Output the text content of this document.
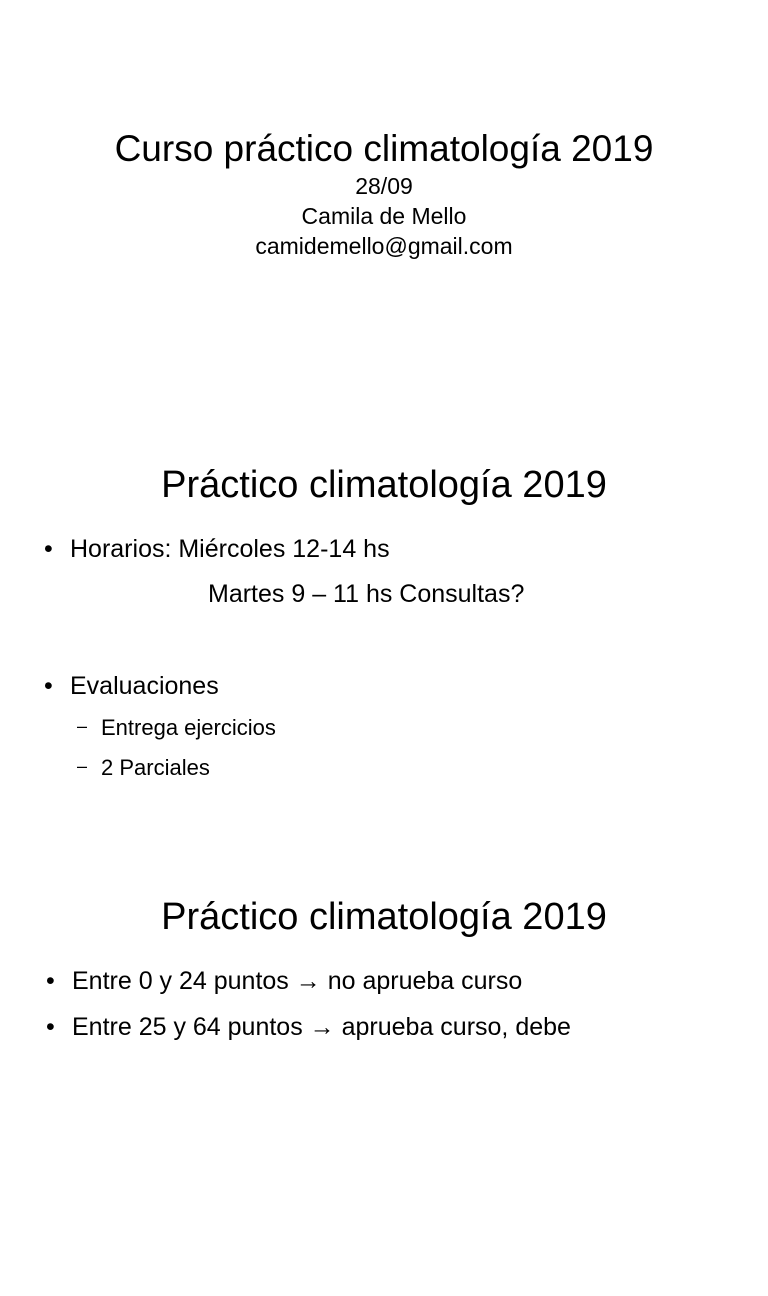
Curso práctico climatología 2019
28/09
Camila de Mello
camidemello@gmail.com
Práctico climatología 2019
• Horarios: Miércoles 12-14 hs
Martes 9 – 11 hs Consultas?
• Evaluaciones
– Entrega ejercicios
– 2 Parciales
Práctico climatología 2019
• Entre 0 y 24 puntos → no aprueba curso
• Entre 25 y 64 puntos → aprueba curso, debe
